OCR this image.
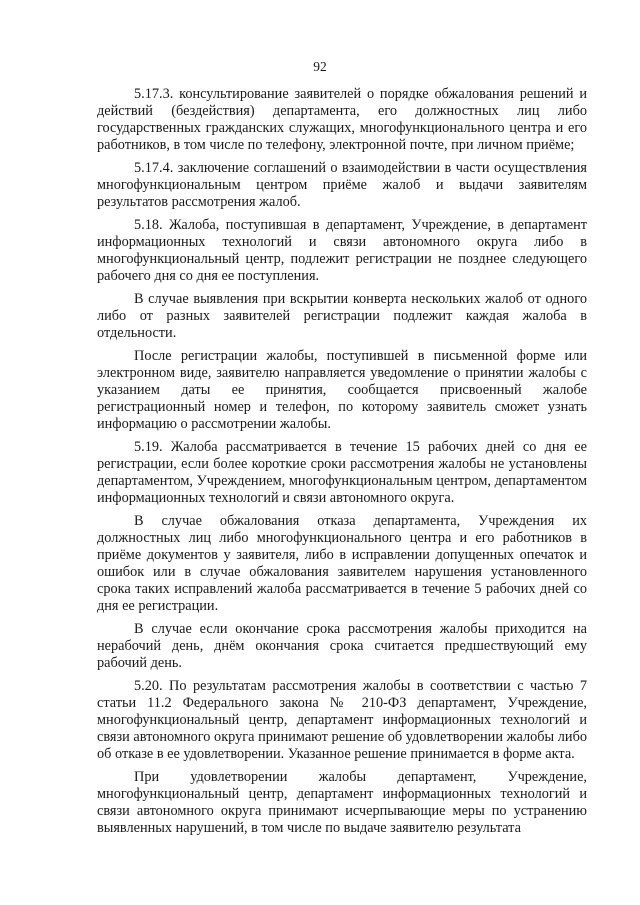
92

5.17.3. консультирование заявителей о порядке обжалования решений и действий (бездействия) департамента, его должностных лиц либо государственных гражданских служащих, многофункционального центра и его работников, в том числе по телефону, электронной почте, при личном приёме;

5.17.4. заключение соглашений о взаимодействии в части осуществления многофункциональным центром приёме жалоб и выдачи заявителям результатов рассмотрения жалоб.

5.18. Жалоба, поступившая в департамент, Учреждение, в департамент информационных технологий и связи автономного округа либо в многофункциональный центр, подлежит регистрации не позднее следующего рабочего дня со дня ее поступления.

В случае выявления при вскрытии конверта нескольких жалоб от одного либо от разных заявителей регистрации подлежит каждая жалоба в отдельности.

После регистрации жалобы, поступившей в письменной форме или электронном виде, заявителю направляется уведомление о принятии жалобы с указанием даты ее принятия, сообщается присвоенный жалобе регистрационный номер и телефон, по которому заявитель сможет узнать информацию о рассмотрении жалобы.

5.19. Жалоба рассматривается в течение 15 рабочих дней со дня ее регистрации, если более короткие сроки рассмотрения жалобы не установлены департаментом, Учреждением, многофункциональным центром, департаментом информационных технологий и связи автономного округа.

В случае обжалования отказа департамента, Учреждения их должностных лиц либо многофункционального центра и его работников в приёме документов у заявителя, либо в исправлении допущенных опечаток и ошибок или в случае обжалования заявителем нарушения установленного срока таких исправлений жалоба рассматривается в течение 5 рабочих дней со дня ее регистрации.

В случае если окончание срока рассмотрения жалобы приходится на нерабочий день, днём окончания срока считается предшествующий ему рабочий день.

5.20. По результатам рассмотрения жалобы в соответствии с частью 7 статьи 11.2 Федерального закона № 210-ФЗ департамент, Учреждение, многофункциональный центр, департамент информационных технологий и связи автономного округа принимают решение об удовлетворении жалобы либо об отказе в ее удовлетворении. Указанное решение принимается в форме акта.

При удовлетворении жалобы департамент, Учреждение, многофункциональный центр, департамент информационных технологий и связи автономного округа принимают исчерпывающие меры по устранению выявленных нарушений, в том числе по выдаче заявителю результата
